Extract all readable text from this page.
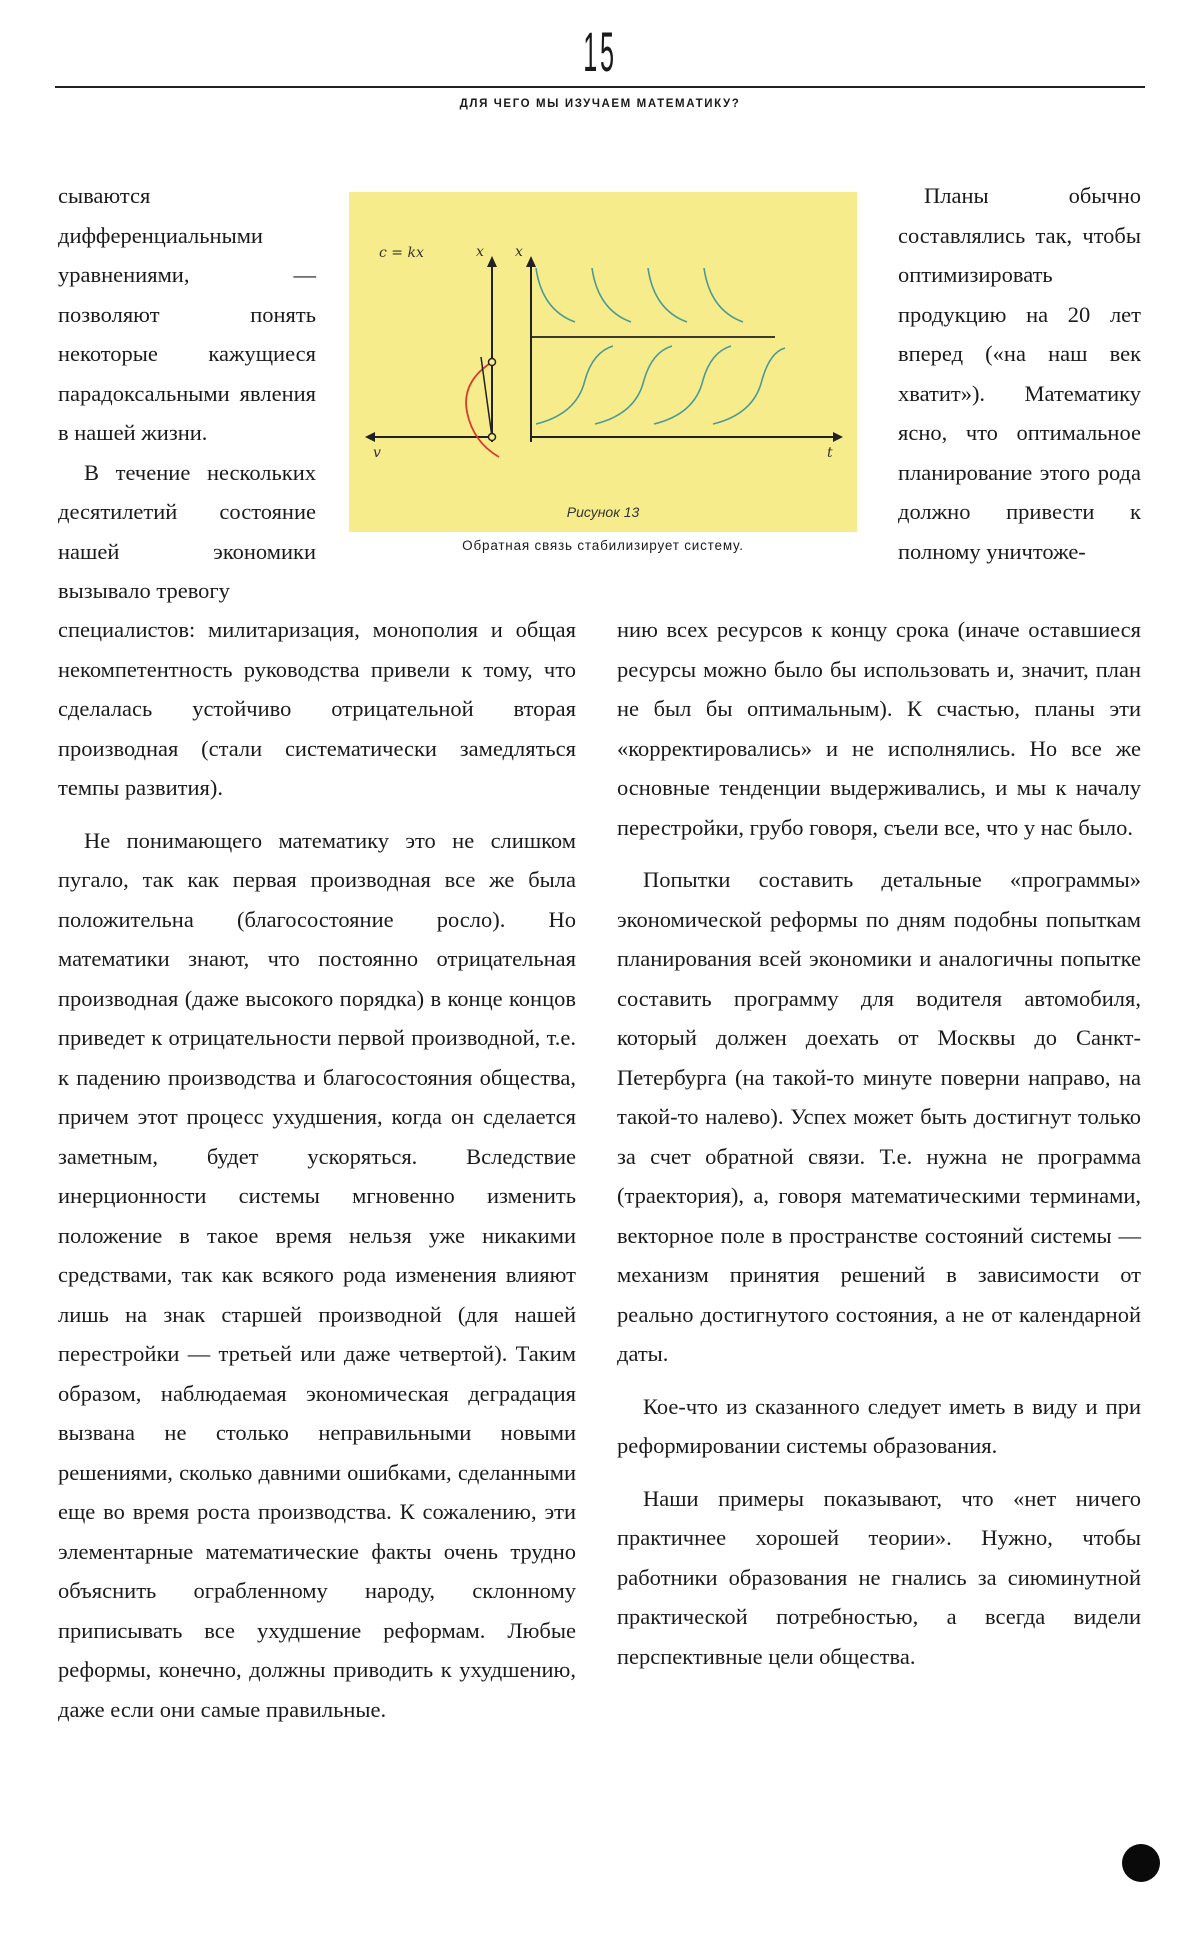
15
ДЛЯ ЧЕГО МЫ ИЗУЧАЕМ МАТЕМАТИКУ?

сываются дифференциальными уравнениями, — позволяют понять некоторые кажущиеся парадоксальными явления в нашей жизни.

В течение нескольких десятилетий состояние нашей экономики вызывало тревогу

c = kx	x
v
x
t
Рисунок 13
Обратная связь стабилизирует систему.

Планы обычно составлялись так, чтобы оптимизировать продукцию на 20 лет вперед («на наш век хватит»). Математику ясно, что оптимальное планирование этого рода должно привести к полному уничтоже-

специалистов: милитаризация, монополия и общая некомпетентность руководства привели к тому, что сделалась устойчиво отрицательной вторая производная (стали систематически замедляться темпы развития).

Не понимающего математику это не слишком пугало, так как первая производная все же была положительна (благосостояние росло). Но математики знают, что постоянно отрицательная производная (даже высокого порядка) в конце концов приведет к отрицательности первой производной, т.е. к падению производства и благосостояния общества, причем этот процесс ухудшения, когда он сделается заметным, будет ускоряться. Вследствие инерционности системы мгновенно изменить положение в такое время нельзя уже никакими средствами, так как всякого рода изменения влияют лишь на знак старшей производной (для нашей перестройки — третьей или даже четвертой). Таким образом, наблюдаемая экономическая деградация вызвана не столько неправильными новыми решениями, сколько давними ошибками, сделанными еще во время роста производства. К сожалению, эти элементарные математические факты очень трудно объяснить ограбленному народу, склонному приписывать все ухудшение реформам. Любые реформы, конечно, должны приводить к ухудшению, даже если они самые правильные.

нию всех ресурсов к концу срока (иначе оставшиеся ресурсы можно было бы использовать и, значит, план не был бы оптимальным). К счастью, планы эти «корректировались» и не исполнялись. Но все же основные тенденции выдерживались, и мы к началу перестройки, грубо говоря, съели все, что у нас было.

Попытки составить детальные «программы» экономической реформы по дням подобны попыткам планирования всей экономики и аналогичны попытке составить программу для водителя автомобиля, который должен доехать от Москвы до Санкт-Петербурга (на такой-то минуте поверни направо, на такой-то налево). Успех может быть достигнут только за счет обратной связи. Т.е. нужна не программа (траектория), а, говоря математическими терминами, векторное поле в пространстве состояний системы — механизм принятия решений в зависимости от реально достигнутого состояния, а не от календарной даты.

Кое-что из сказанного следует иметь в виду и при реформировании системы образования.

Наши примеры показывают, что «нет ничего практичнее хорошей теории». Нужно, чтобы работники образования не гнались за сиюминутной практической потребностью, а всегда видели перспективные цели общества.
